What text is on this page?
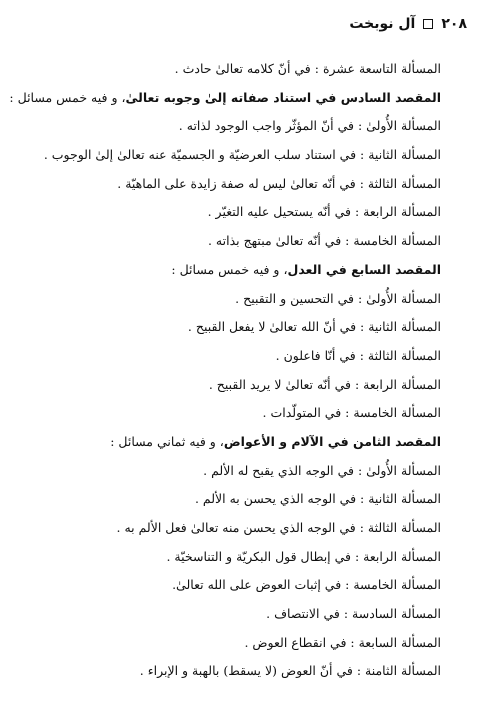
٢٠٨
آل نوبخت
المسألة التاسعة عشرة : في أنّ كلامه تعالىٰ حادث .
المقصد السادس في استناد صفاته إلىٰ وجوبه تعالىٰ، و فيه خمس مسائل :
المسألة الأُولىٰ : في أنّ المؤثّر واجب الوجود لذاته .
المسألة الثانية : في استناد سلب العرضيّة و الجسميّة عنه تعالىٰ إلىٰ الوجوب .
المسألة الثالثة : في أنّه تعالىٰ ليس له صفة زايدة على الماهيّة .
المسألة الرابعة : في أنّه يستحيل عليه التغيّر .
المسألة الخامسة : في أنّه تعالىٰ مبتهج بذاته .
المقصد السابع في العدل، و فيه خمس مسائل :
المسألة الأُولىٰ : في التحسين و التقبيح .
المسألة الثانية : في أنّ الله تعالىٰ لا يفعل القبيح .
المسألة الثالثة : في أنّا فاعلون .
المسألة الرابعة : في أنّه تعالىٰ لا يريد القبيح .
المسألة الخامسة : في المتولّدات .
المقصد الثامن في الآلام و الأعواض، و فيه ثماني مسائل :
المسألة الأُولىٰ : في الوجه الذي يقبح له الألم .
المسألة الثانية : في الوجه الذي يحسن به الألم .
المسألة الثالثة : في الوجه الذي يحسن منه تعالىٰ فعل الألم به .
المسألة الرابعة : في إبطال قول البكريّة و التناسخيّة .
المسألة الخامسة : في إثبات العوض على الله تعالىٰ.
المسألة السادسة : في الانتصاف .
المسألة السابعة : في انقطاع العوض .
المسألة الثامنة : في أنّ العوض (لا يسقط) بالهبة و الإبراء .
